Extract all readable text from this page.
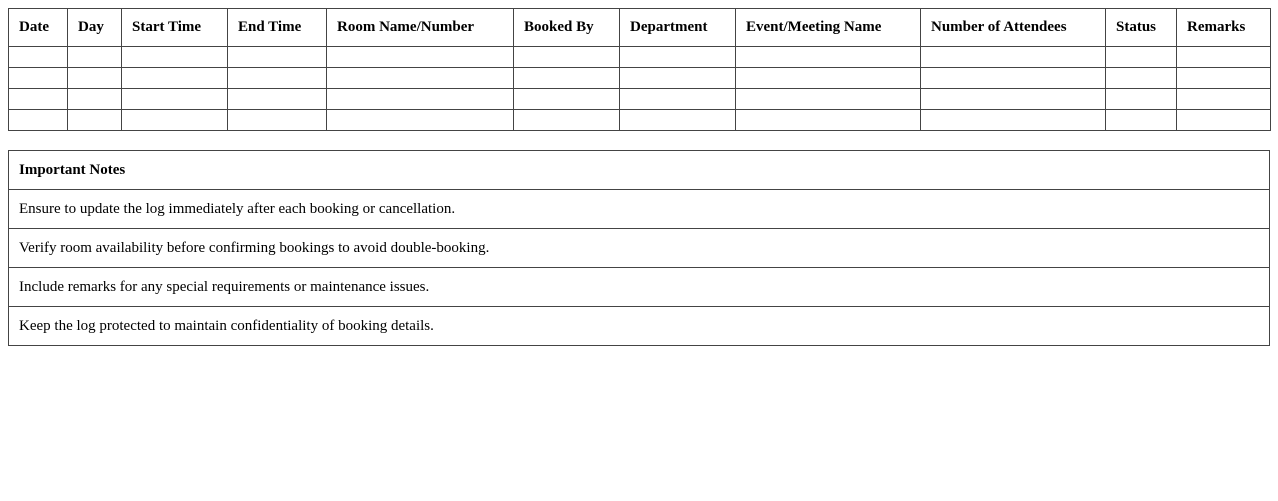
Date	Day	Start Time	End Time	Room Name/Number	Booked By	Department	Event/Meeting Name	Number of Attendees	Status	Remarks

Important Notes
Ensure to update the log immediately after each booking or cancellation.
Verify room availability before confirming bookings to avoid double-booking.
Include remarks for any special requirements or maintenance issues.
Keep the log protected to maintain confidentiality of booking details.
